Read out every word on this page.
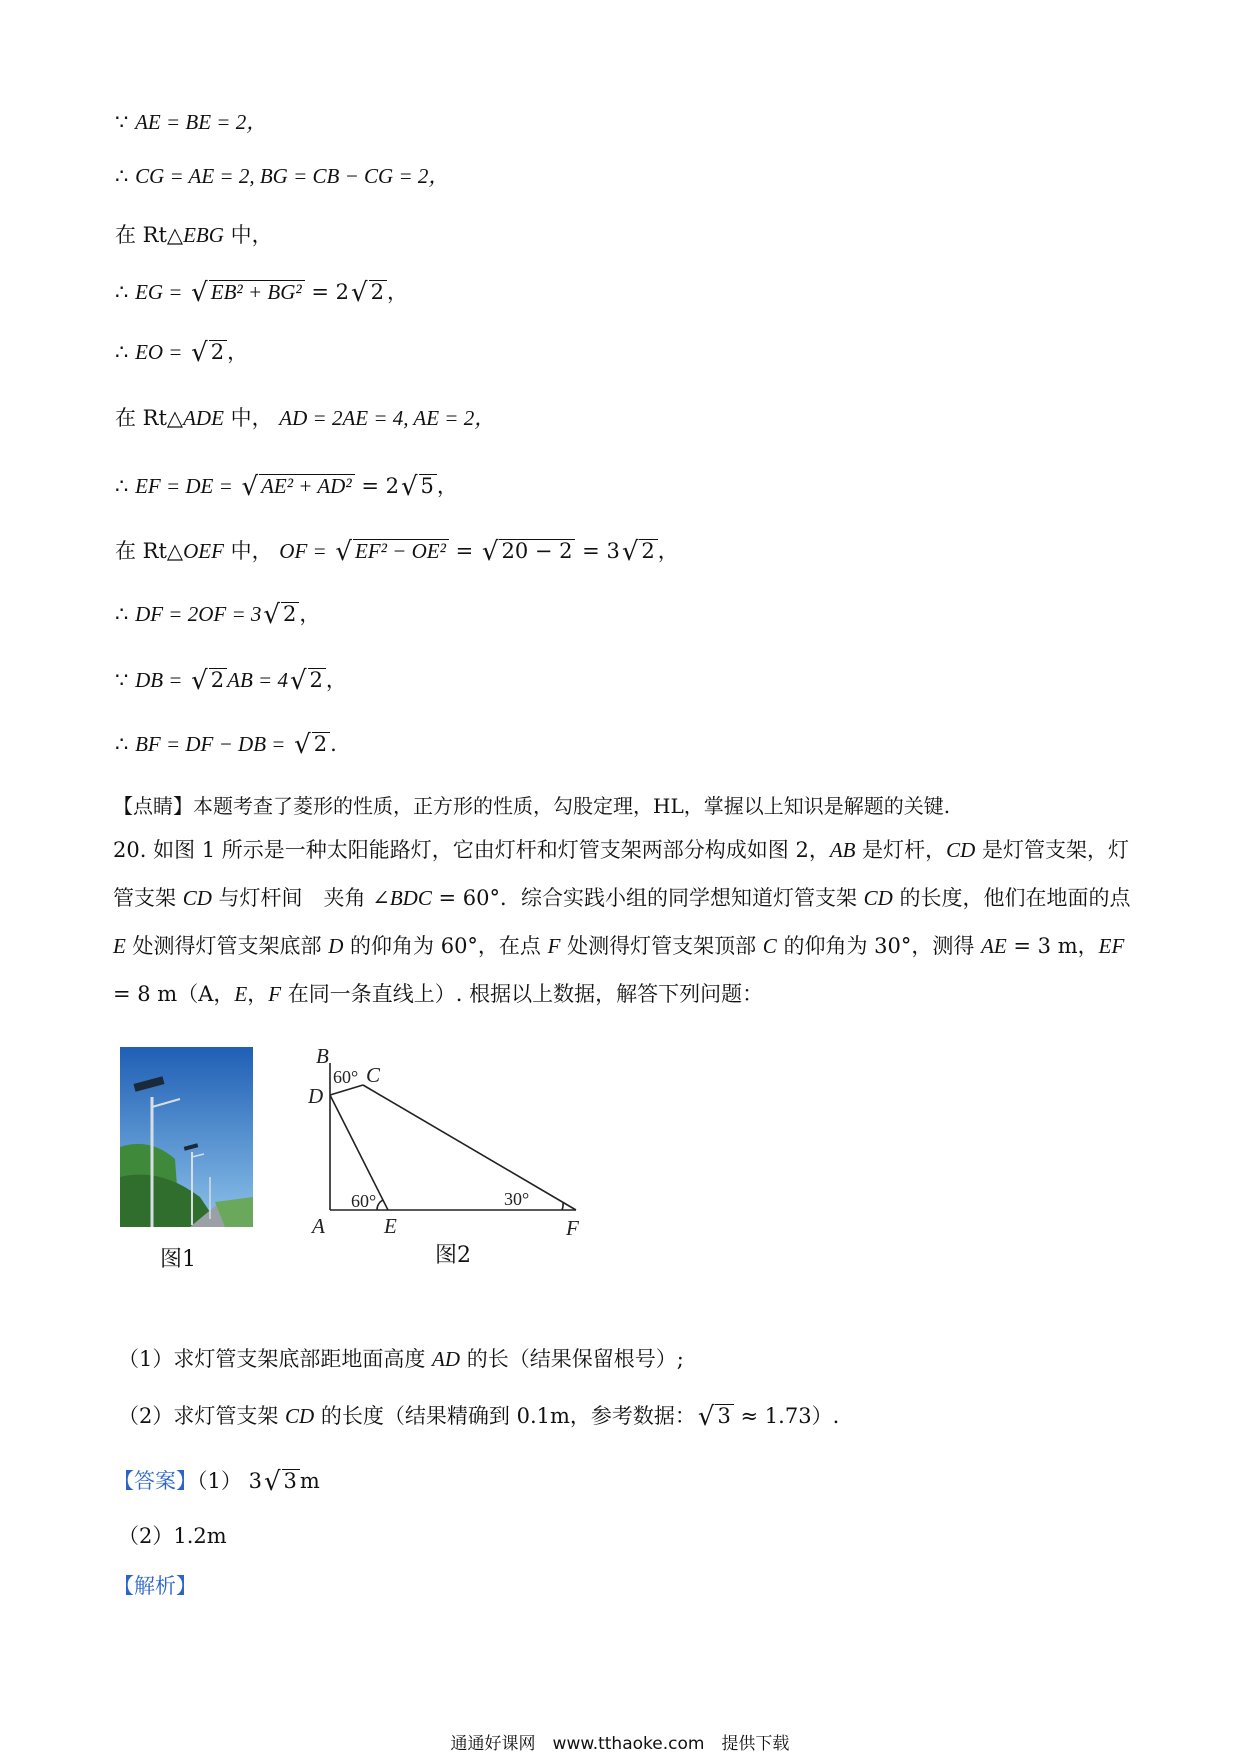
∵ AE = BE = 2，
∴ CG = AE = 2, BG = CB − CG = 2，
在 Rt△EBG 中，
∴ EG = √ EB² + BG² = 2√ 2 ，
∴ EO = √ 2 ，
在 Rt△ADE 中， AD = 2AE = 4, AE = 2，
∴ EF = DE = √ AE² + AD² = 2√ 5 ，
在 Rt△OEF 中， OF = √ EF² − OE² = √ 20 − 2 = 3√ 2 ，
∴ DF = 2OF = 3√ 2 ，
∵ DB = √ 2 AB = 4√ 2 ，
∴ BF = DF − DB = √ 2 .
【点睛】本题考查了菱形的性质，正方形的性质，勾股定理，HL，掌握以上知识是解题的关键.
20. 如图 1 所示是一种太阳能路灯，它由灯杆和灯管支架两部分构成如图 2，AB 是灯杆，CD 是灯管支架，灯管支架 CD 与灯杆间　夹角 ∠BDC = 60°．综合实践小组的同学想知道灯管支架 CD 的长度，他们在地面的点 E 处测得灯管支架底部 D 的仰角为 60°，在点 F 处测得灯管支架顶部 C 的仰角为 30°，测得 AE = 3 m，EF = 8 m（A，E，F 在同一条直线上）. 根据以上数据，解答下列问题：
图1
B
C
D
A	E	F
60°
60°	30°
图2
（1）求灯管支架底部距地面高度 AD 的长（结果保留根号）;
（2）求灯管支架 CD 的长度（结果精确到 0.1m，参考数据：√ 3 ≈ 1.73）.
【答案】（1） 3√ 3 m
（2）1.2m
【解析】
通通好课网　www.tthaoke.com　提供下载
